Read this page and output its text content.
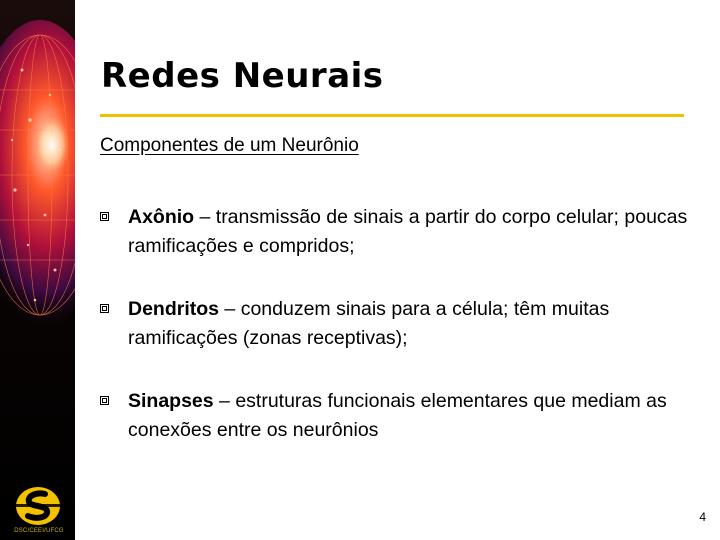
Redes Neurais
Componentes de um Neurônio
Axônio – transmissão de sinais a partir do corpo celular; poucas ramificações e compridos;
Dendritos – conduzem sinais para a célula; têm muitas ramificações (zonas receptivas);
Sinapses – estruturas funcionais elementares que mediam as conexões entre os neurônios
DSC/CEEI/UFCG
4
